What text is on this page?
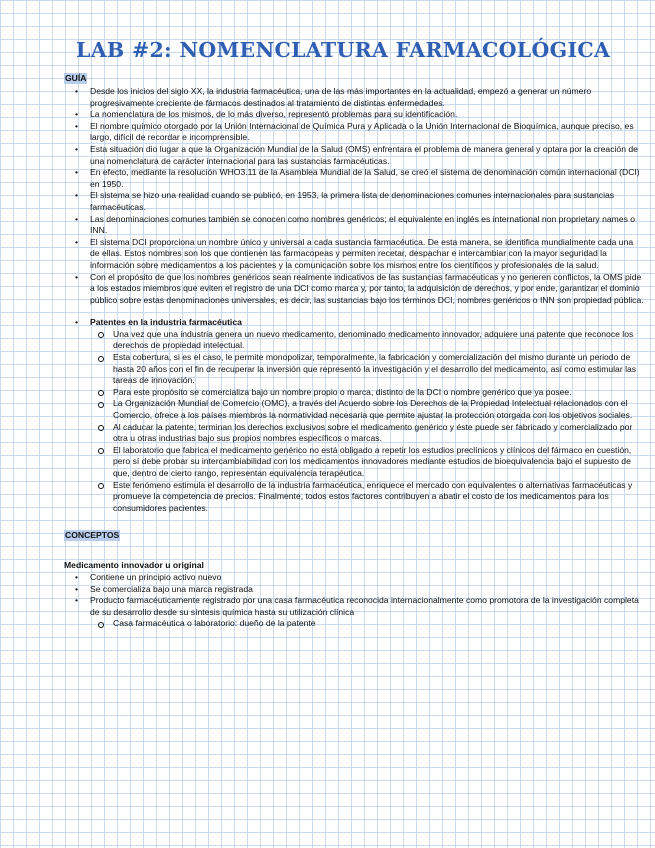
LAB #2: NOMENCLATURA FARMACOLÓGICA
GUÍA
• Desde los inicios del siglo XX, la industria farmacéutica, una de las más importantes en la actualidad, empezó a generar un número progresivamente creciente de fármacos destinados al tratamiento de distintas enfermedades.
• La nomenclatura de los mismos, de lo más diverso, representó problemas para su identificación.
• El nombre químico otorgado por la Unión Internacional de Química Pura y Aplicada o la Unión Internacional de Bioquímica, aunque preciso, es largo, difícil de recordar e incomprensible.
• Esta situación dio lugar a que la Organización Mundial de la Salud (OMS) enfrentara el problema de manera general y optara por la creación de una nomenclatura de carácter internacional para las sustancias farmacéuticas.
• En efecto, mediante la resolución WHO3.11 de la Asamblea Mundial de la Salud, se creó el sistema de denominación común internacional (DCI) en 1950.
• El sistema se hizo una realidad cuando se publicó, en 1953, la primera lista de denominaciones comunes internacionales para sustancias farmacéuticas.
• Las denominaciones comunes también se conocen como nombres genéricos; el equivalente en inglés es international non proprietary names o INN.
• El sistema DCI proporciona un nombre único y universal a cada sustancia farmacéutica. De esta manera, se identifica mundialmente cada una de ellas. Estos nombres son los que contienen las farmacopeas y permiten recetar, despachar e intercambiar con la mayor seguridad la información sobre medicamentos a los pacientes y la comunicación sobre los mismos entre los científicos y profesionales de la salud.
• Con el propósito de que los nombres genéricos sean realmente indicativos de las sustancias farmacéuticas y no generen conflictos, la OMS pide a los estados miembros que eviten el registro de una DCI como marca y, por tanto, la adquisición de derechos, y por ende, garantizar el dominio público sobre estas denominaciones universales, es decir, las sustancias bajo los términos DCI, nombres genéricos o INN son propiedad pública.
• Patentes en la industria farmacéutica
Una vez que una industria genera un nuevo medicamento, denominado medicamento innovador, adquiere una patente que reconoce los derechos de propiedad intelectual.
Esta cobertura, si es el caso, le permite monopolizar, temporalmente, la fabricación y comercialización del mismo durante un periodo de hasta 20 años con el fin de recuperar la inversión que representó la investigación y el desarrollo del medicamento, así como estimular las tareas de innovación.
Para este propósito se comercializa bajo un nombre propio o marca, distinto de la DCI o nombre genérico que ya posee.
La Organización Mundial de Comercio (OMC), a través del Acuerdo sobre los Derechos de la Propiedad Intelectual relacionados con el Comercio, ofrece a los países miembros la normatividad necesaria que permite ajustar la protección otorgada con los objetivos sociales.
Al caducar la patente, terminan los derechos exclusivos sobre el medicamento genérico y éste puede ser fabricado y comercializado por otra u otras industrias bajo sus propios nombres específicos o marcas.
El laboratorio que fabrica el medicamento genérico no está obligado a repetir los estudios preclínicos y clínicos del fármaco en cuestión, pero sí debe probar su intercambiabilidad con los medicamentos innovadores mediante estudios de bioequivalencia bajo el supuesto de que, dentro de cierto rango, representan equivalencia terapéutica.
Este fenómeno estimula el desarrollo de la industria farmacéutica, enriquece el mercado con equivalentes o alternativas farmacéuticas y promueve la competencia de precios. Finalmente, todos estos factores contribuyen a abatir el costo de los medicamentos para los consumidores pacientes.
CONCEPTOS
Medicamento innovador u original
• Contiene un principio activo nuevo
• Se comercializa bajo una marca registrada
• Producto farmacéuticamente registrado por una casa farmacéutica reconocida internacionalmente como promotora de la investigación completa de su desarrollo desde su síntesis química hasta su utilización clínica
Casa farmacéutica o laboratorio: dueño de la patente
